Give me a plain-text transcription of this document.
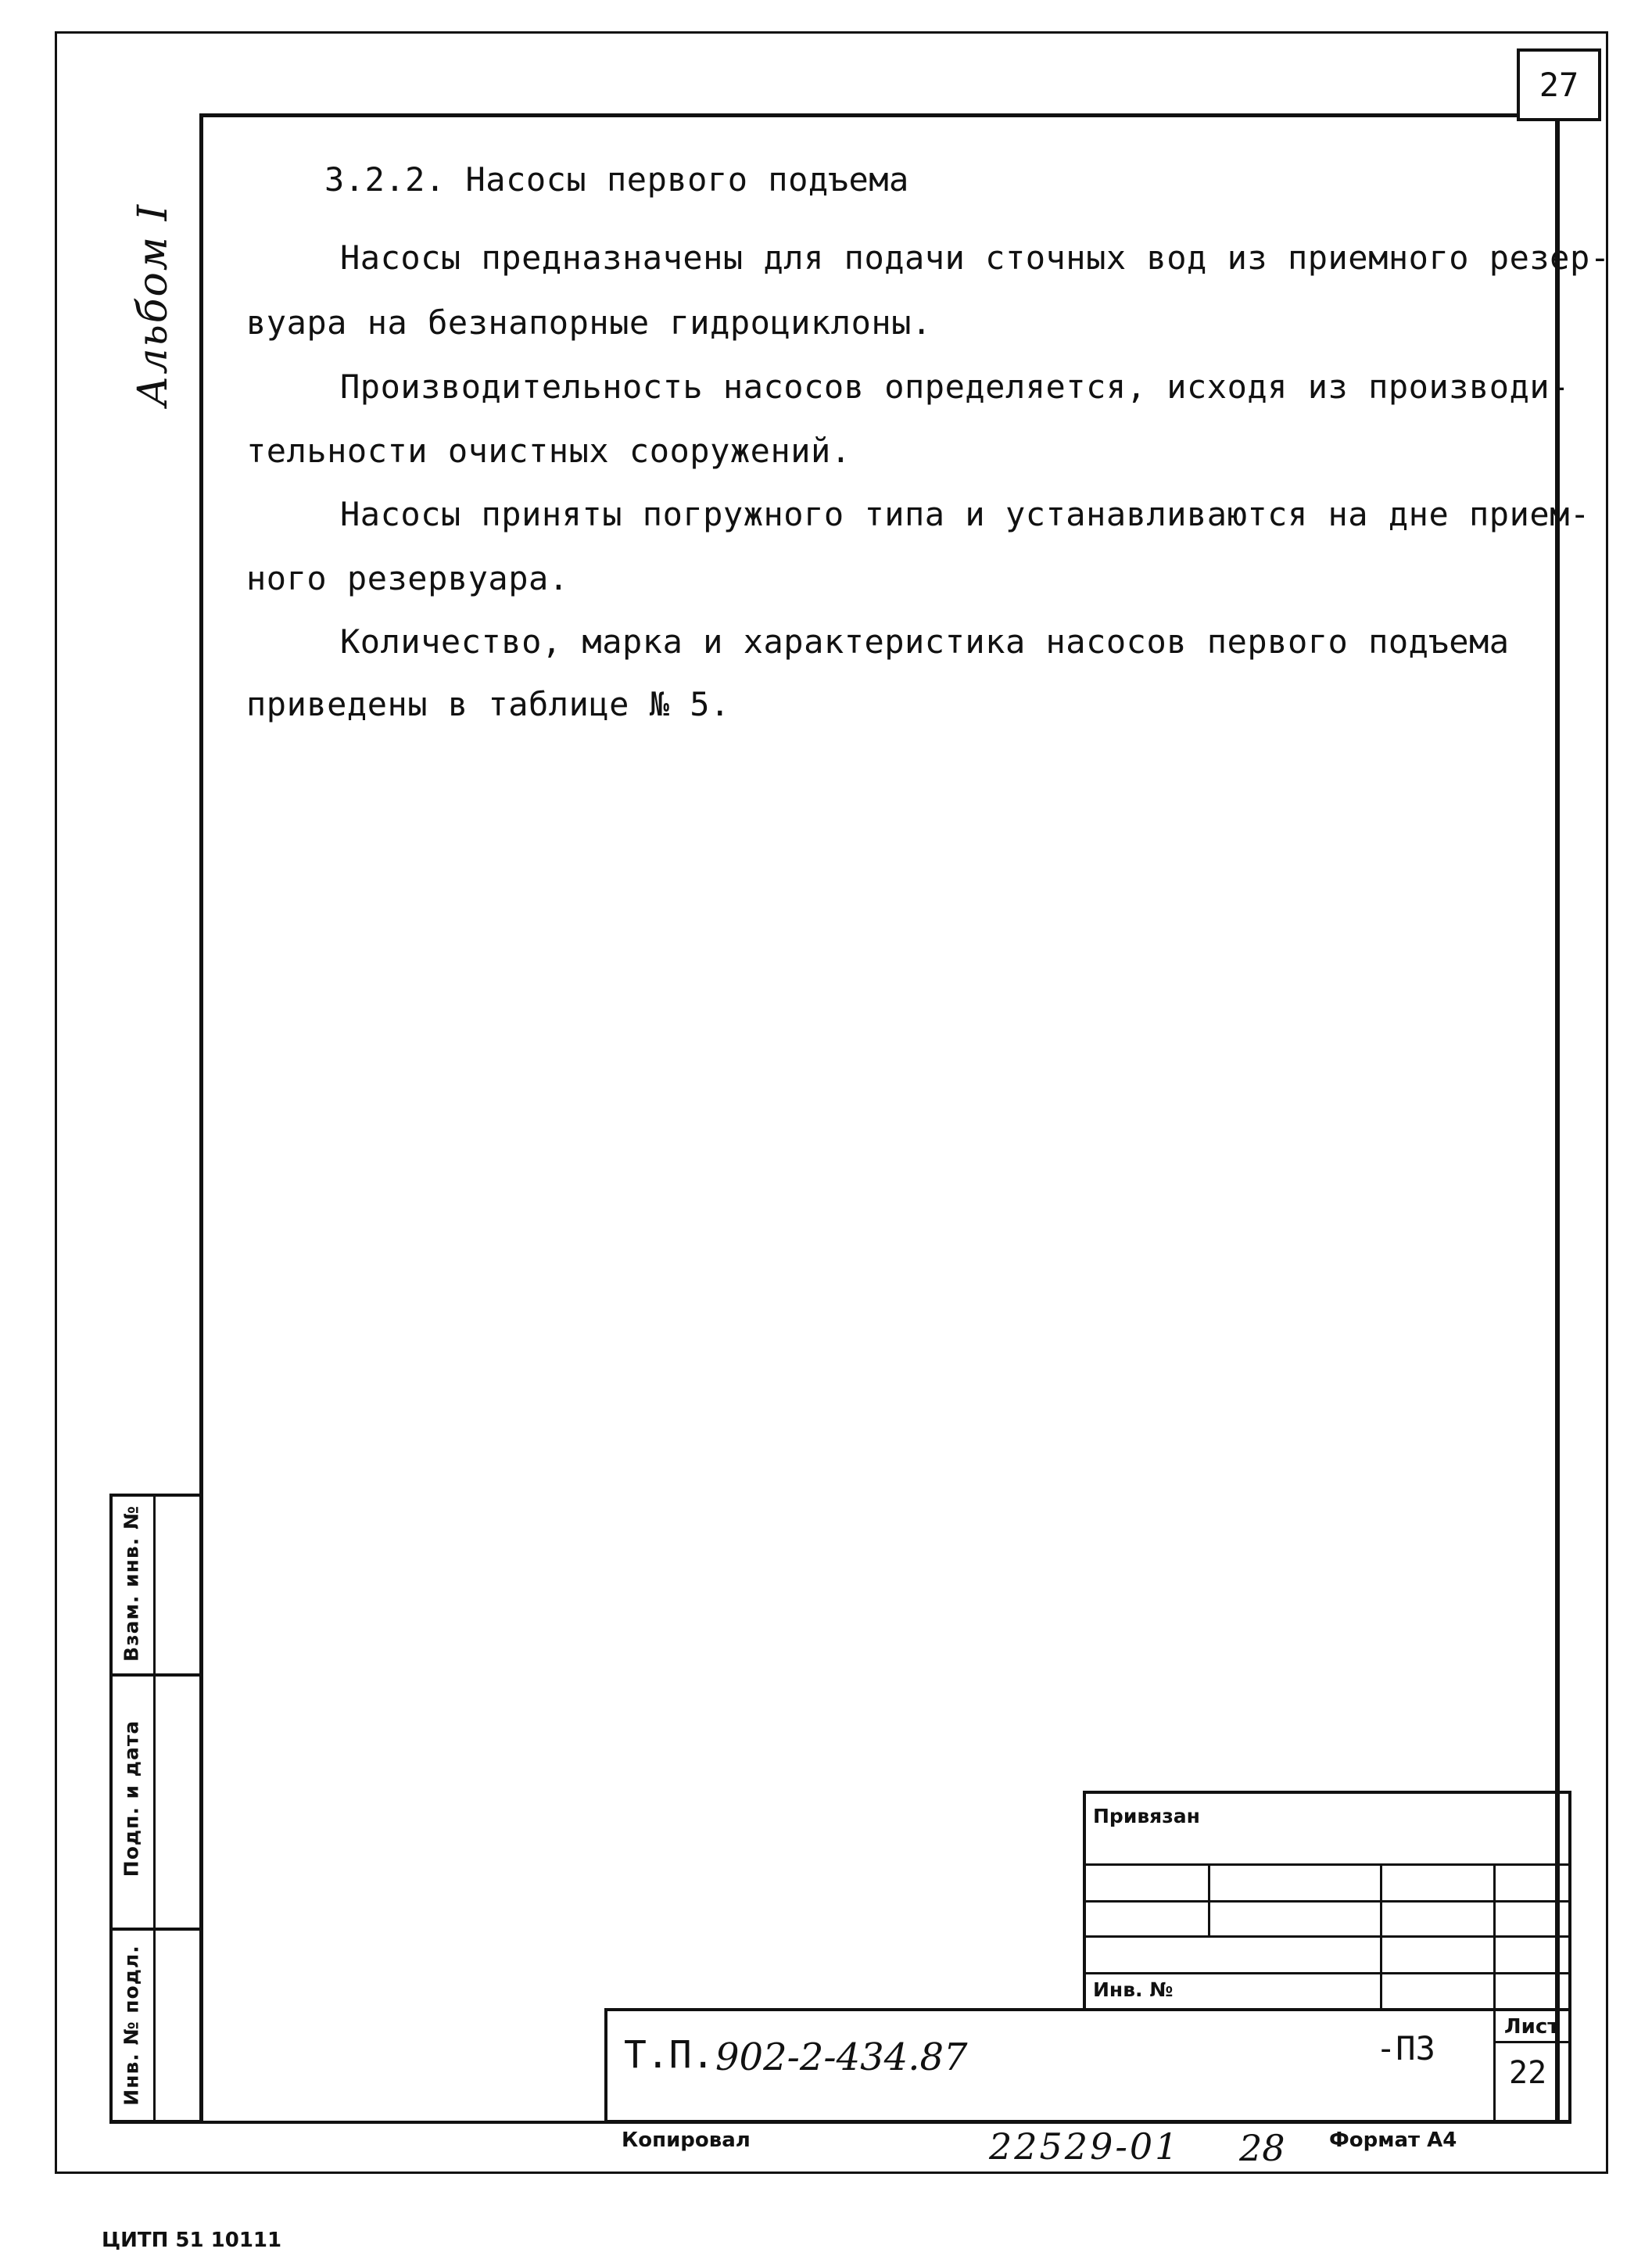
27
Альбом I
3.2.2. Насосы первого подъема
Насосы предназначены для подачи сточных вод из приемного резер-
вуара на безнапорные гидроциклоны.
Производительность насосов определяется, исходя из производи-
тельности очистных сооружений.
Насосы приняты погружного типа и устанавливаются на дне прием-
ного резервуара.
Количество, марка и характеристика насосов первого подъема
приведены в таблице № 5.
Взам. инв. №
Подп. и дата
Инв. № подл.
Привязан
Инв. №
Т.П. 902-2-434.87	-ПЗ
Лист
22
Копировал	22529-01 28 Формат А4
ЦИТП 51 10111
